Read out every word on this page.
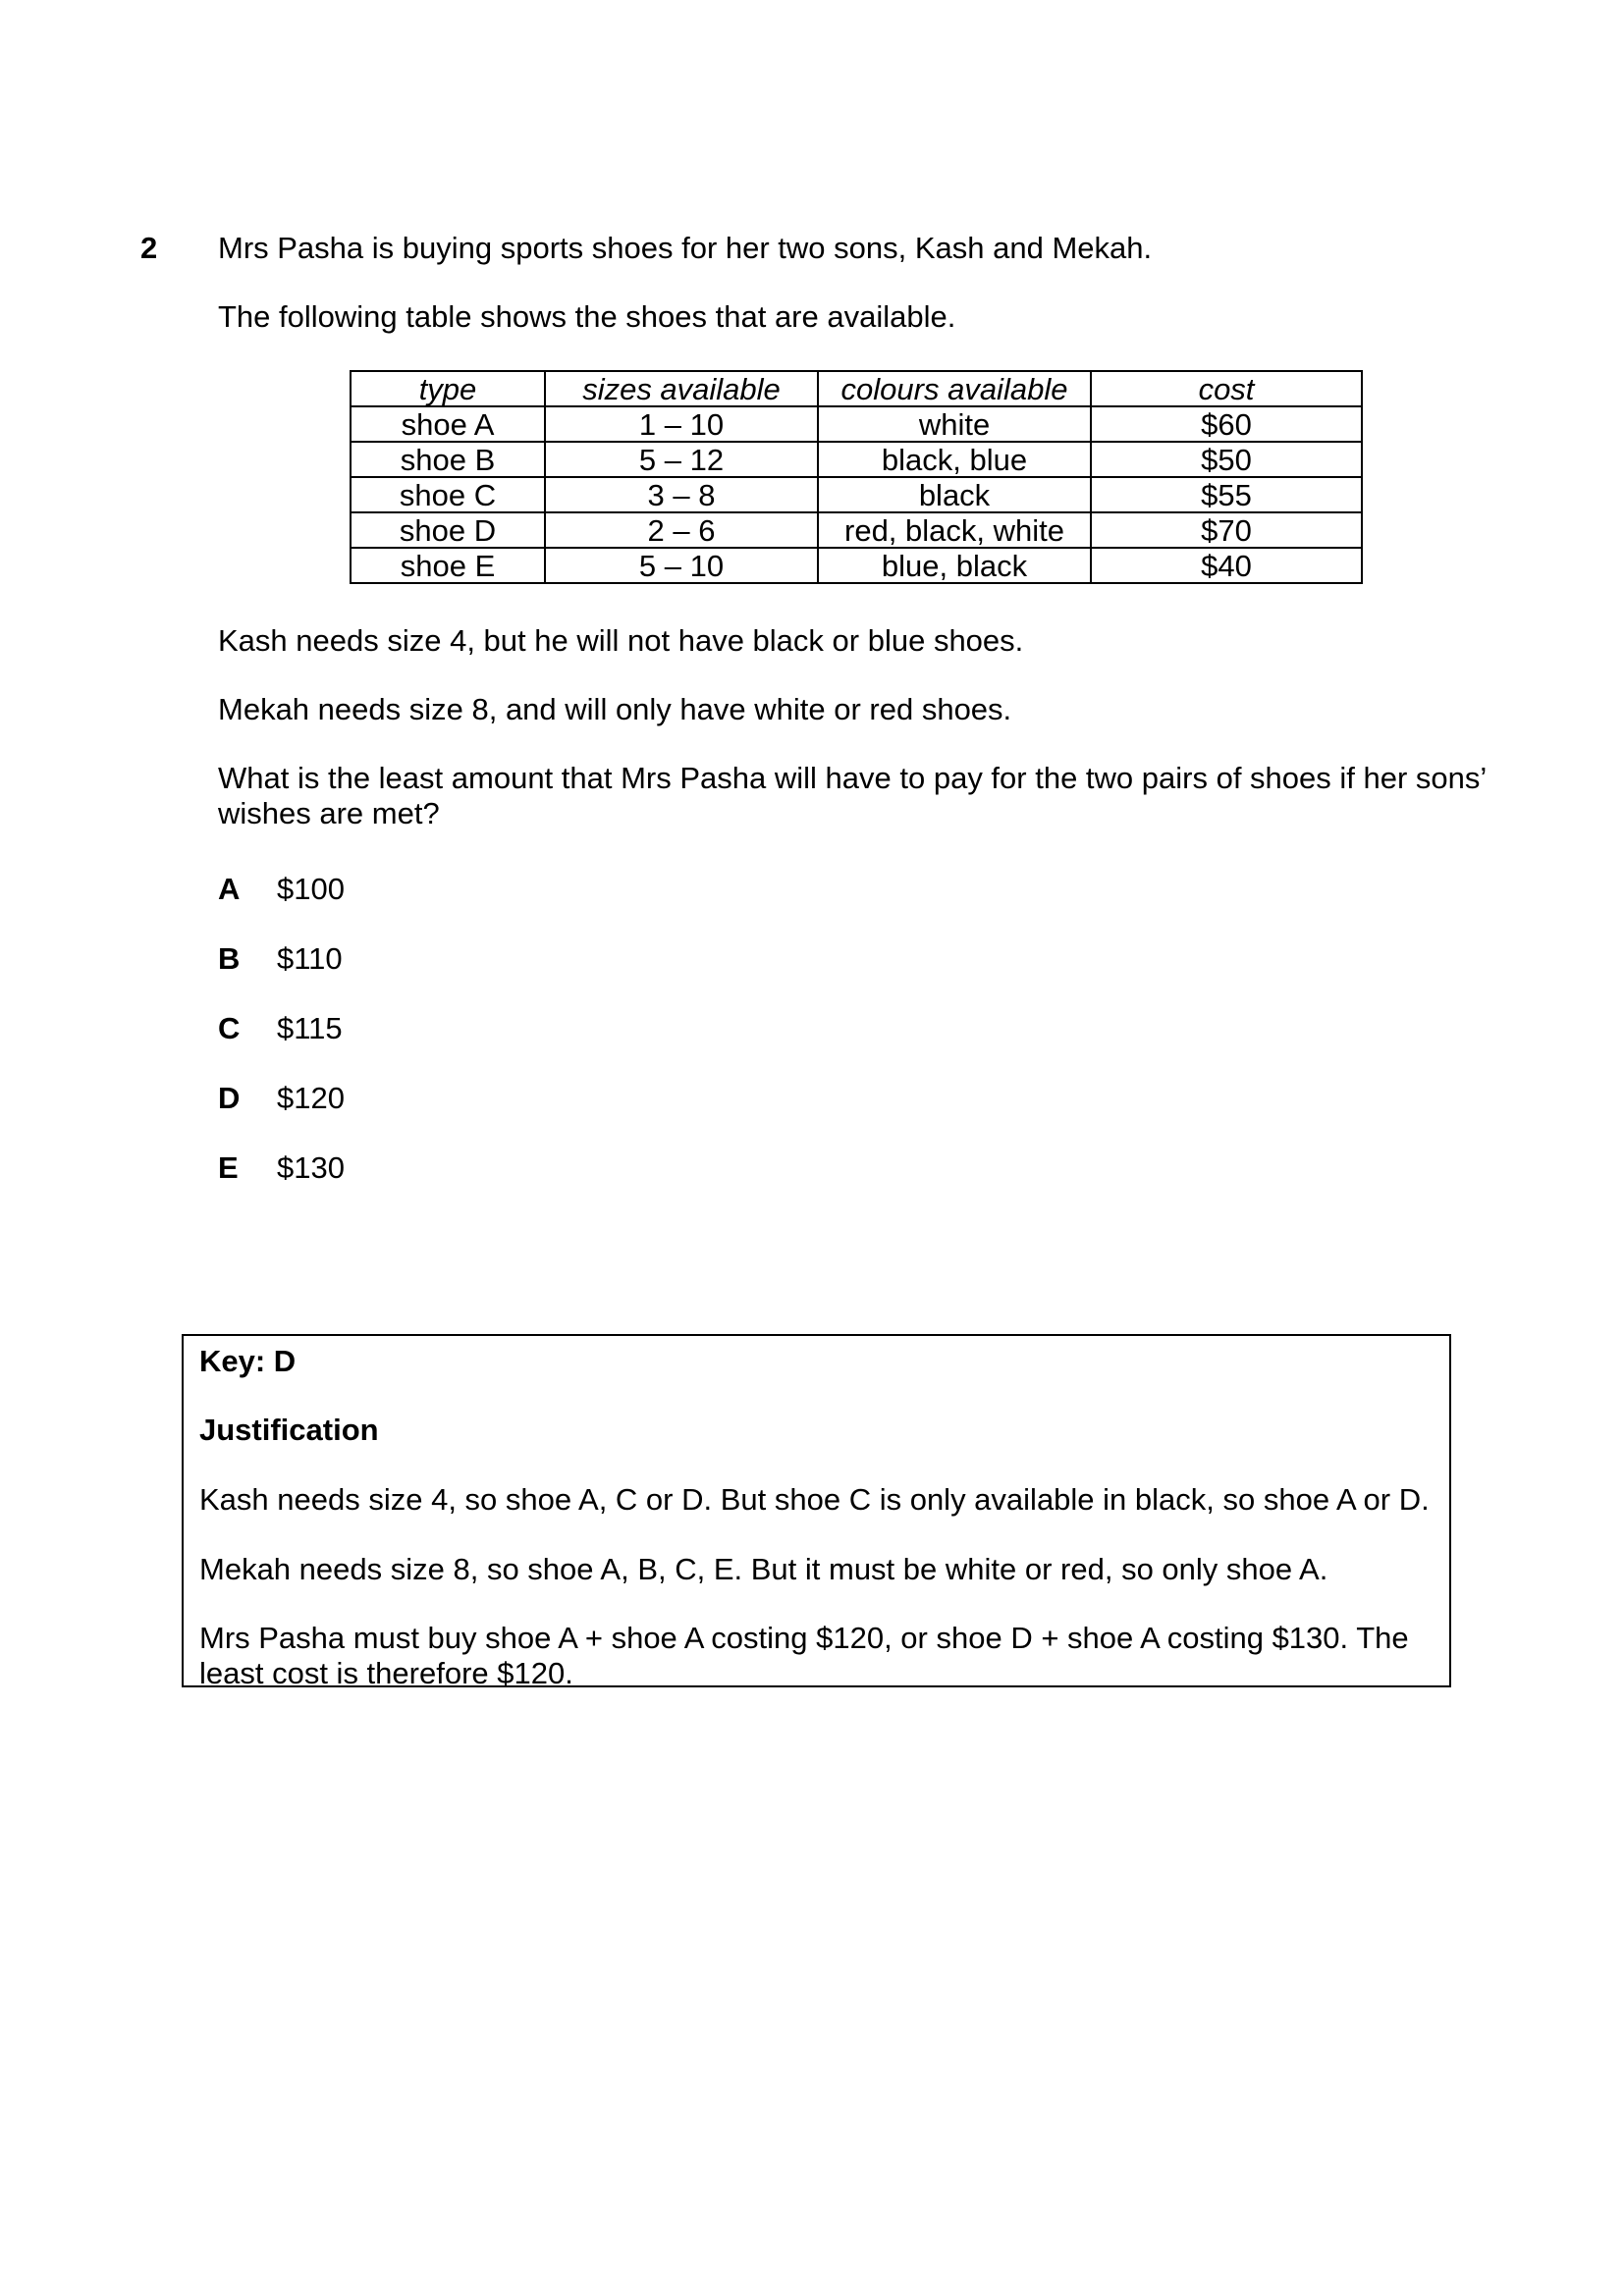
2 Mrs Pasha is buying sports shoes for her two sons, Kash and Mekah.
The following table shows the shoes that are available.
type	sizes available	colours available	cost
shoe A	1 – 10	white	$60
shoe B	5 – 12	black, blue	$50
shoe C	3 – 8	black	$55
shoe D	2 – 6	red, black, white	$70
shoe E	5 – 10	blue, black	$40
Kash needs size 4, but he will not have black or blue shoes.
Mekah needs size 8, and will only have white or red shoes.
What is the least amount that Mrs Pasha will have to pay for the two pairs of shoes if her sons’ wishes are met?
A $100
B $110
C $115
D $120
E $130
Key: D
Justification
Kash needs size 4, so shoe A, C or D. But shoe C is only available in black, so shoe A or D.
Mekah needs size 8, so shoe A, B, C, E. But it must be white or red, so only shoe A.
Mrs Pasha must buy shoe A + shoe A costing $120, or shoe D + shoe A costing $130. The least cost is therefore $120.
